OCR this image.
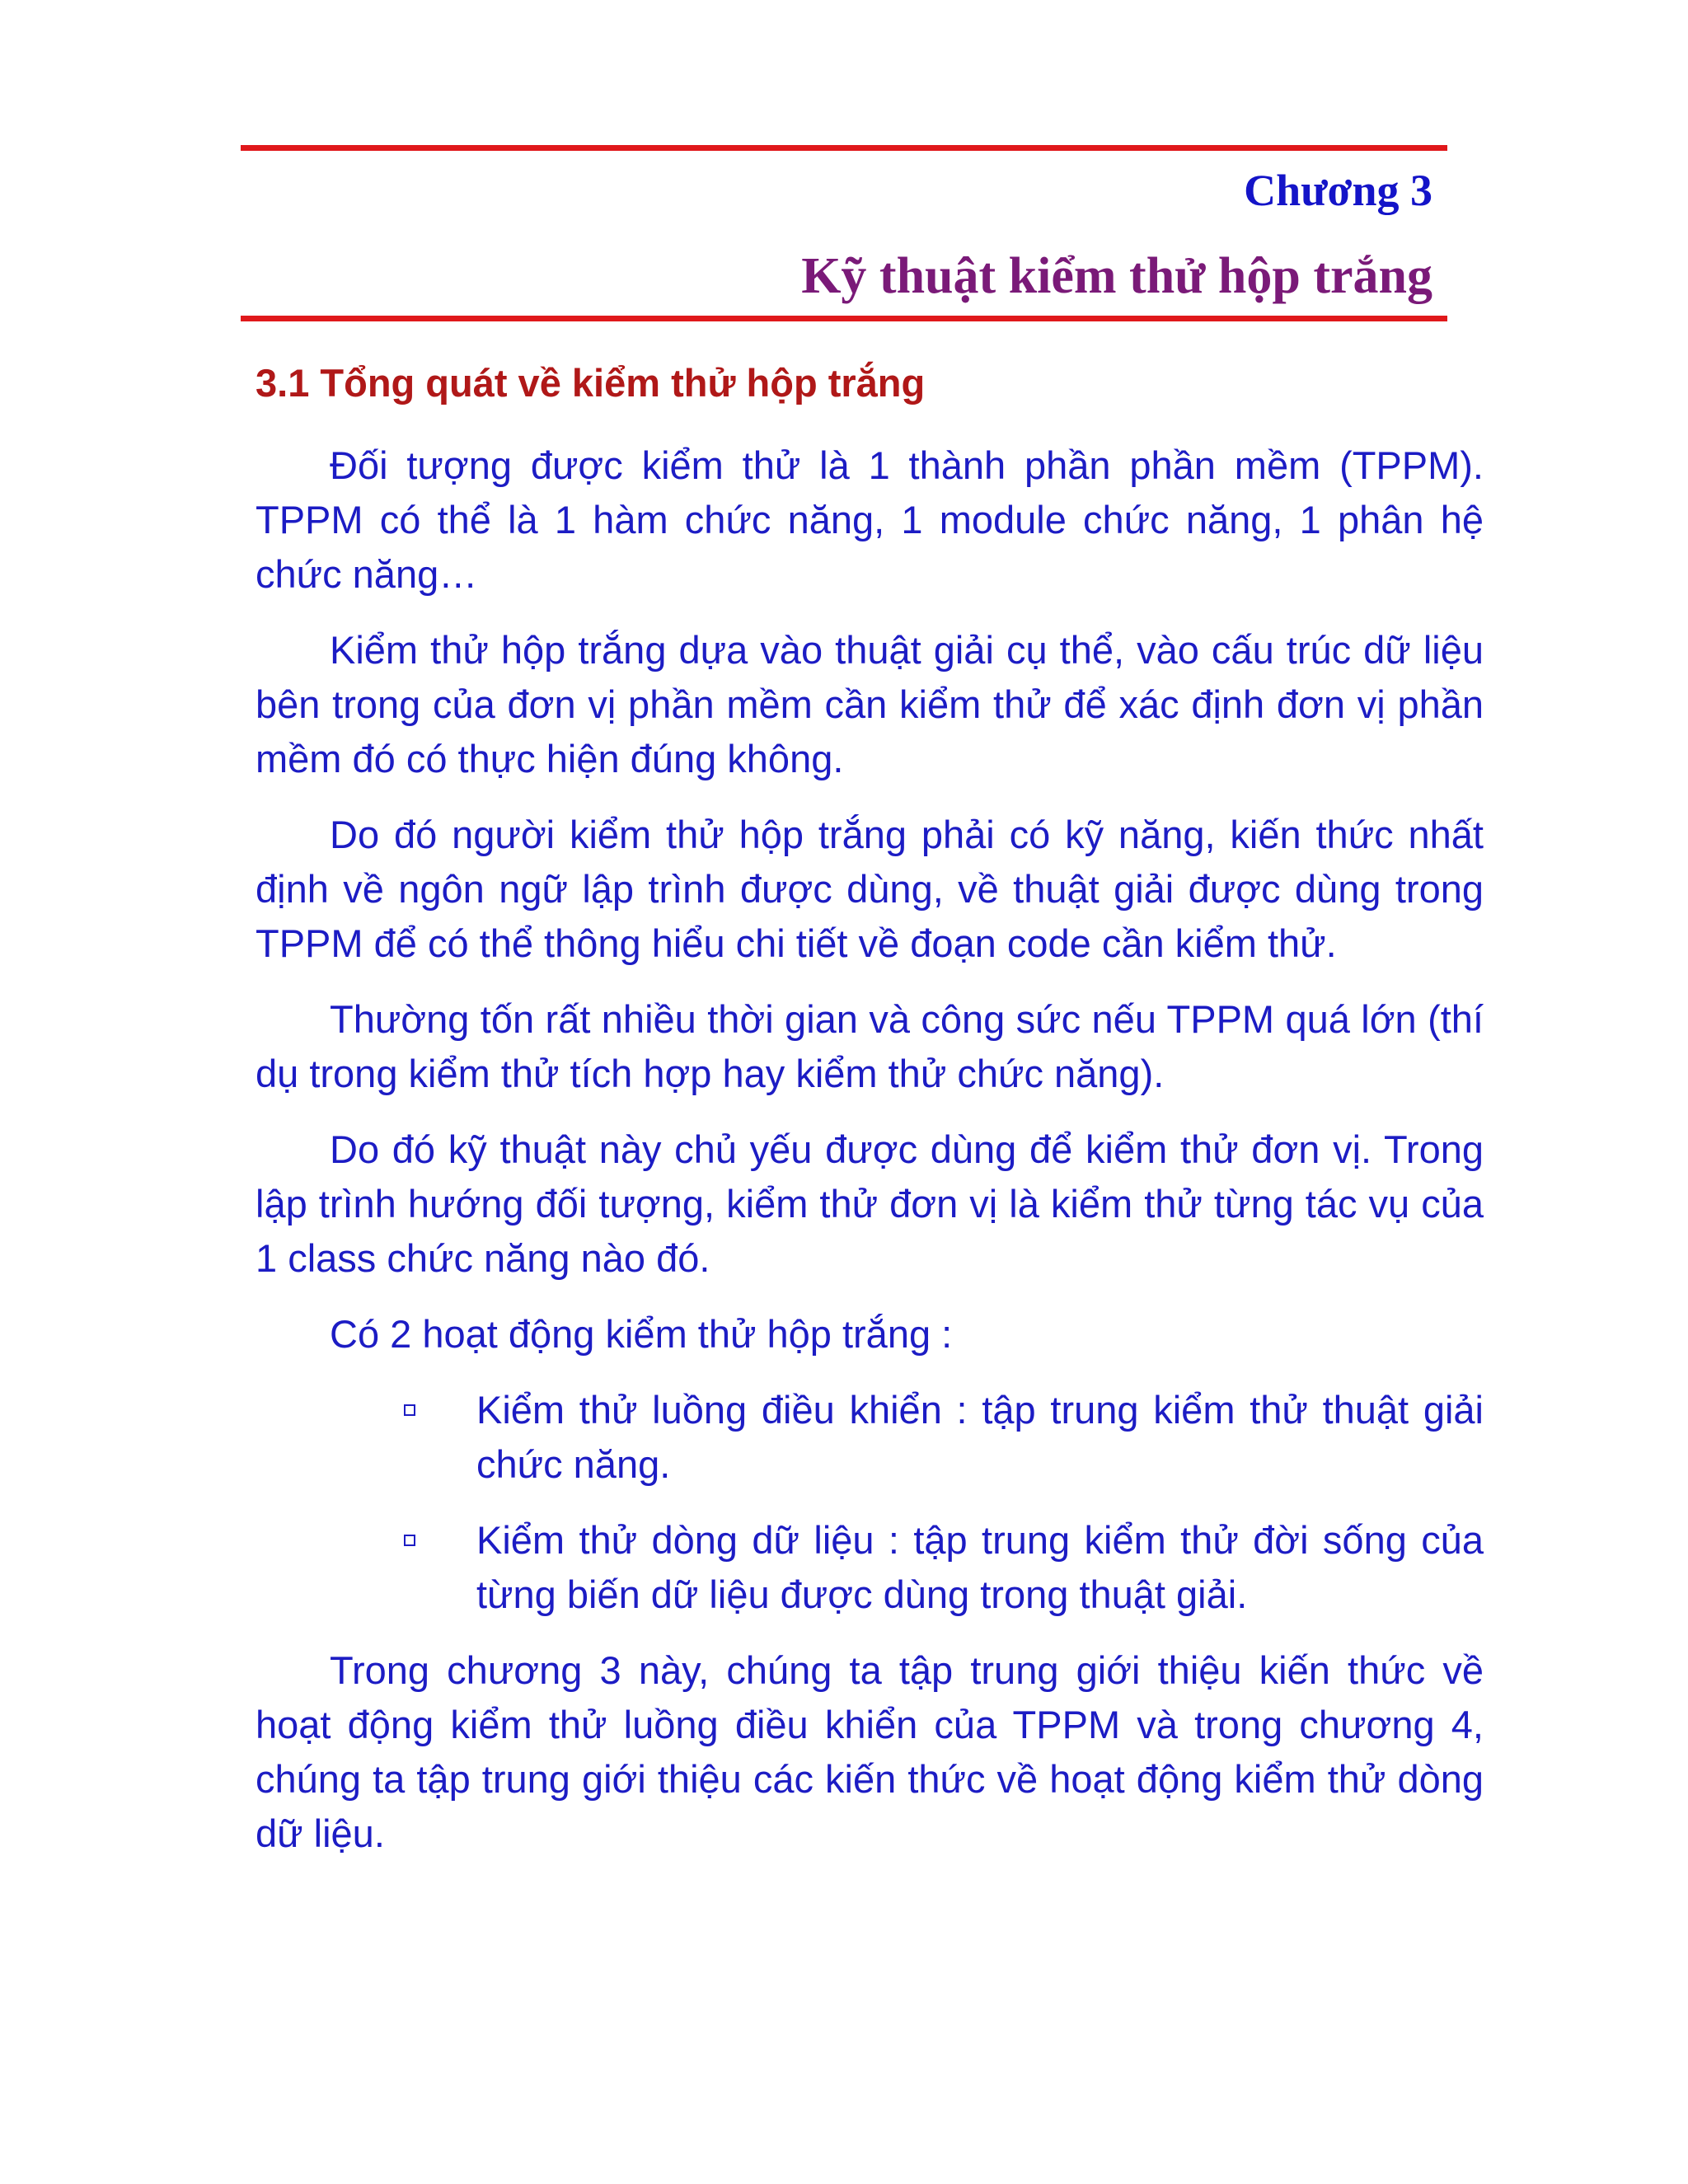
Chương 3
Kỹ thuật kiểm thử hộp trắng
3.1 Tổng quát về kiểm thử hộp trắng

Đối tượng được kiểm thử là 1 thành phần phần mềm (TPPM). TPPM có thể là 1 hàm chức năng, 1 module chức năng, 1 phân hệ chức năng…

Kiểm thử hộp trắng dựa vào thuật giải cụ thể, vào cấu trúc dữ liệu bên trong của đơn vị phần mềm cần kiểm thử để xác định đơn vị phần mềm đó có thực hiện đúng không.

Do đó người kiểm thử hộp trắng phải có kỹ năng, kiến thức nhất định về ngôn ngữ lập trình được dùng, về thuật giải được dùng trong TPPM để có thể thông hiểu chi tiết về đoạn code cần kiểm thử.

Thường tốn rất nhiều thời gian và công sức nếu TPPM quá lớn (thí dụ trong kiểm thử tích hợp hay kiểm thử chức năng).

Do đó kỹ thuật này chủ yếu được dùng để kiểm thử đơn vị. Trong lập trình hướng đối tượng, kiểm thử đơn vị là kiểm thử từng tác vụ của 1 class chức năng nào đó.

Có 2 hoạt động kiểm thử hộp trắng :

Kiểm thử luồng điều khiển : tập trung kiểm thử thuật giải chức năng.
Kiểm thử dòng dữ liệu : tập trung kiểm thử đời sống của từng biến dữ liệu được dùng trong thuật giải.

Trong chương 3 này, chúng ta tập trung giới thiệu kiến thức về hoạt động kiểm thử luồng điều khiển của TPPM và trong chương 4, chúng ta tập trung giới thiệu các kiến thức về hoạt động kiểm thử dòng dữ liệu.
